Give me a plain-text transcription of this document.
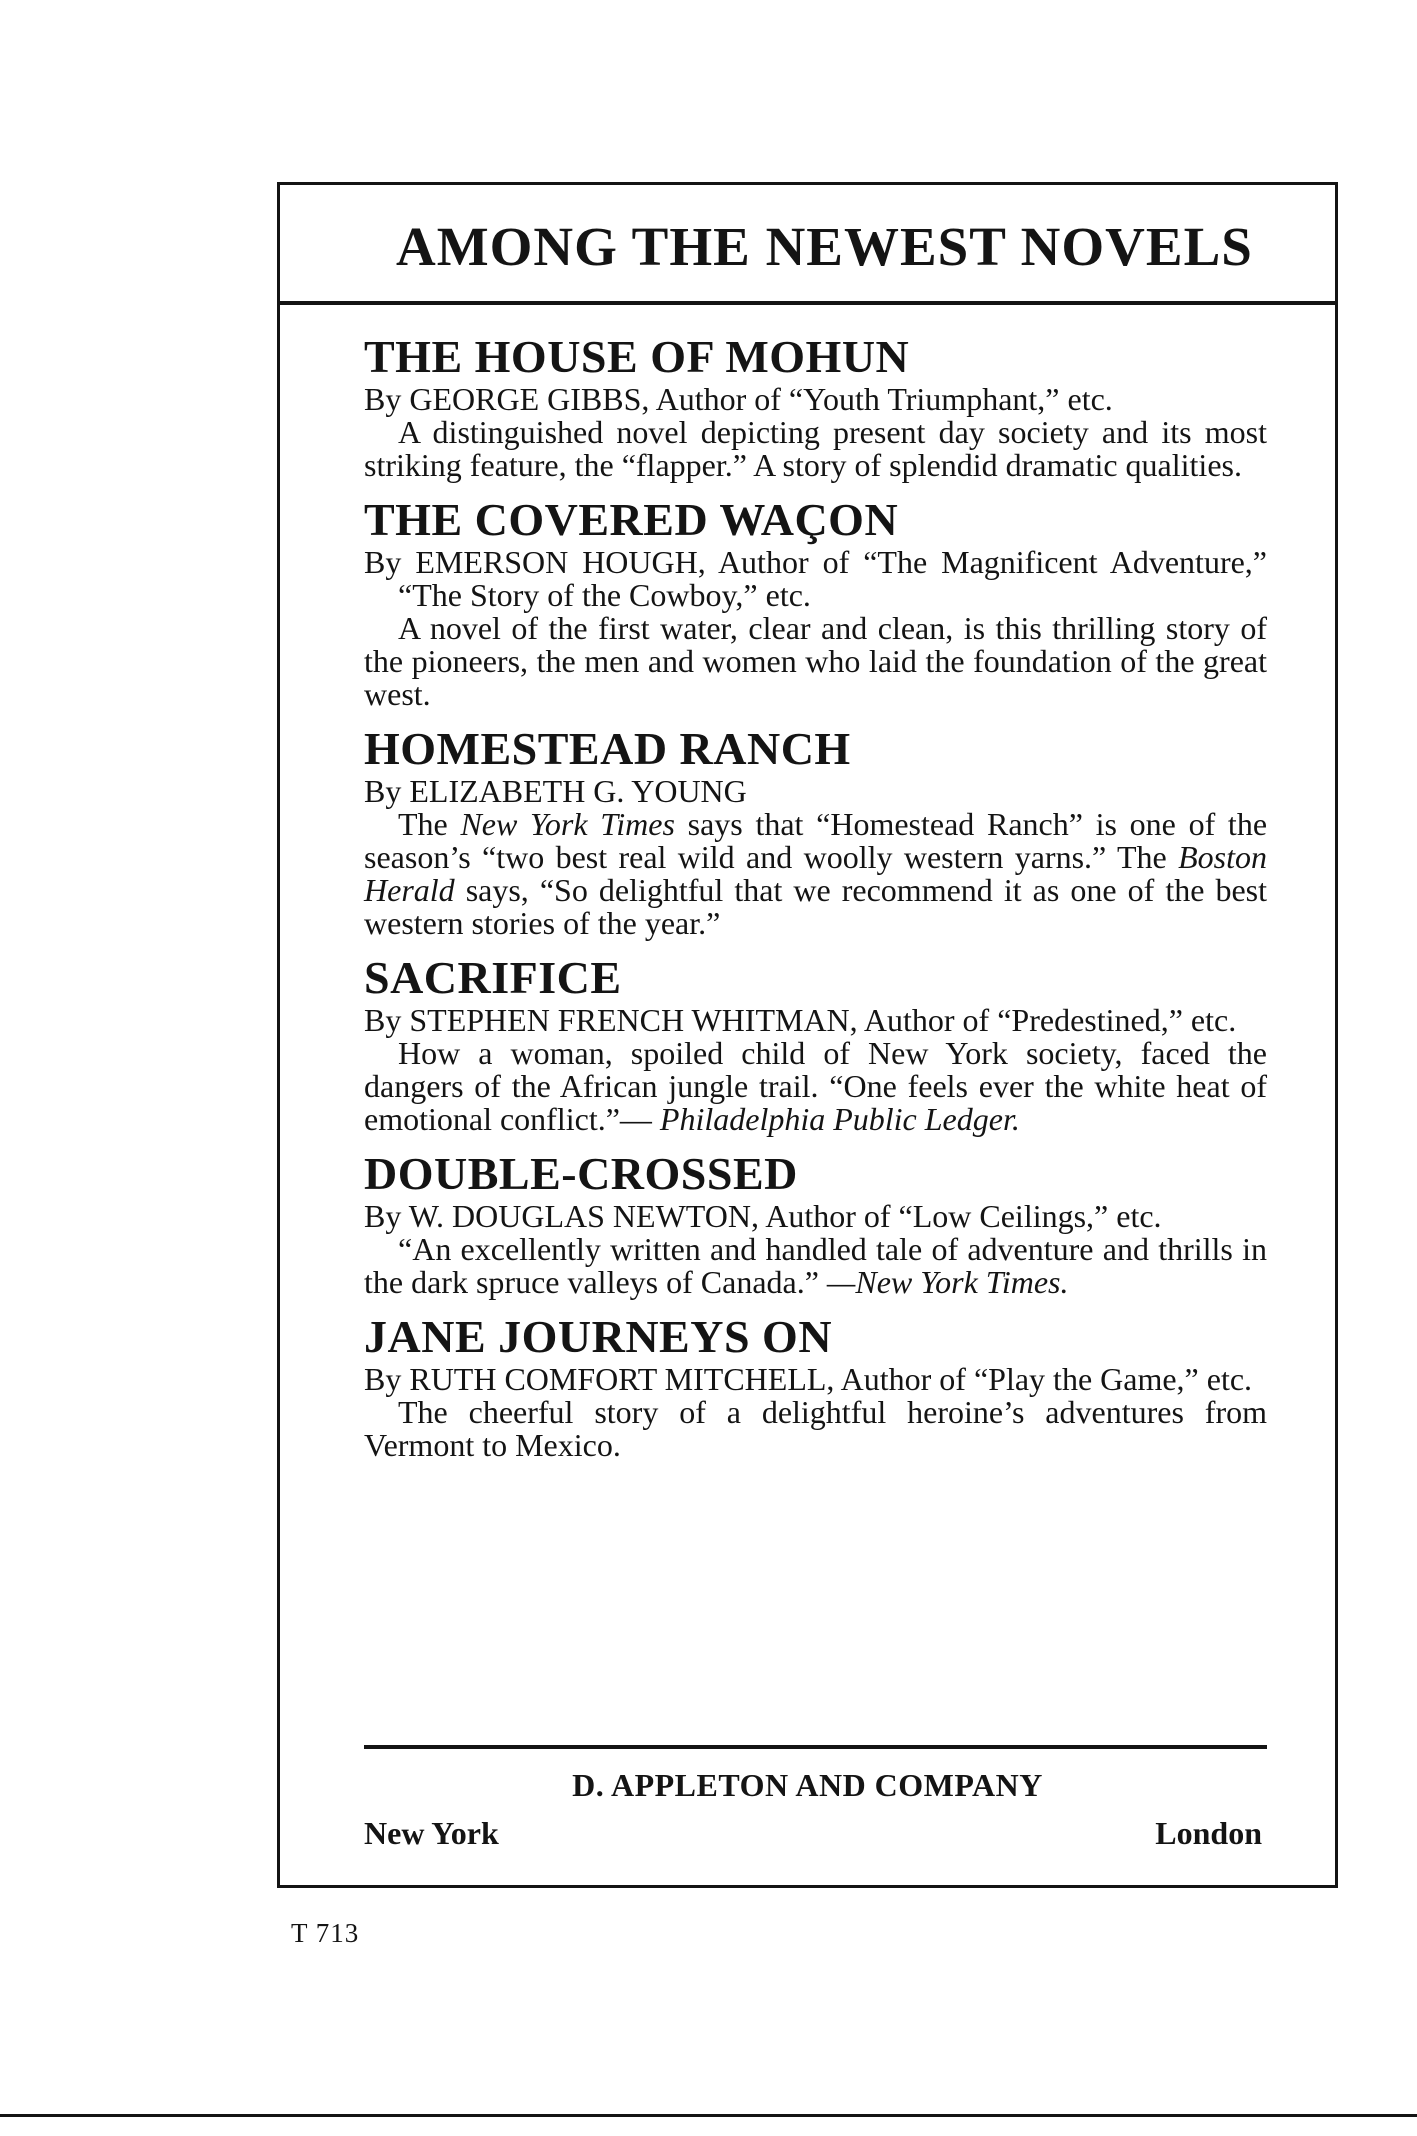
AMONG THE NEWEST NOVELS
THE HOUSE OF MOHUN
By GEORGE GIBBS, Author of “Youth Triumphant,” etc.
A distinguished novel depicting present day society and its most striking feature, the “flapper.” A story of splendid dramatic qualities.
THE COVERED WAÇON
By EMERSON HOUGH, Author of “The Magnificent Adventure,” “The Story of the Cowboy,” etc.
A novel of the first water, clear and clean, is this thrilling story of the pioneers, the men and women who laid the foundation of the great west.
HOMESTEAD RANCH
By ELIZABETH G. YOUNG
The New York Times says that “Homestead Ranch” is one of the season’s “two best real wild and woolly western yarns.” The Boston Herald says, “So delightful that we recommend it as one of the best western stories of the year.”
SACRIFICE
By STEPHEN FRENCH WHITMAN, Author of “Predestined,” etc.
How a woman, spoiled child of New York society, faced the dangers of the African jungle trail. “One feels ever the white heat of emotional conflict.”— Philadelphia Public Ledger.
DOUBLE-CROSSED
By W. DOUGLAS NEWTON, Author of “Low Ceilings,” etc.
“An excellently written and handled tale of adventure and thrills in the dark spruce valleys of Canada.” —New York Times.
JANE JOURNEYS ON
By RUTH COMFORT MITCHELL, Author of “Play the Game,” etc.
The cheerful story of a delightful heroine’s adventures from Vermont to Mexico.
D. APPLETON AND COMPANY
New York	London
T 713
